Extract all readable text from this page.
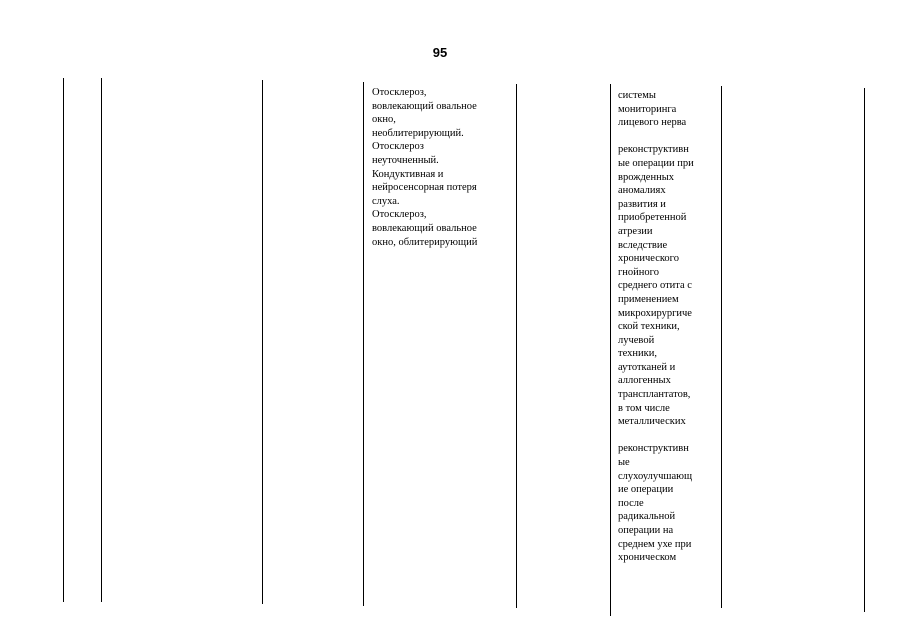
95
Отосклероз,
вовлекающий овальное
окно,
необлитерирующий.
Отосклероз
неуточненный.
Кондуктивная и
нейросенсорная потеря
слуха.
Отосклероз,
вовлекающий овальное
окно, облитерирующий
системы
мониторинга
лицевого нерва
реконструктивн
ые операции при
врожденных
аномалиях
развития и
приобретенной
атрезии
вследствие
хронического
гнойного
среднего отита с
применением
микрохирургиче
ской техники,
лучевой
техники,
аутотканей и
аллогенных
трансплантатов,
в том числе
металлических
реконструктивн
ые
слухоулучшающ
ие операции
после
радикальной
операции на
среднем ухе при
хроническом
